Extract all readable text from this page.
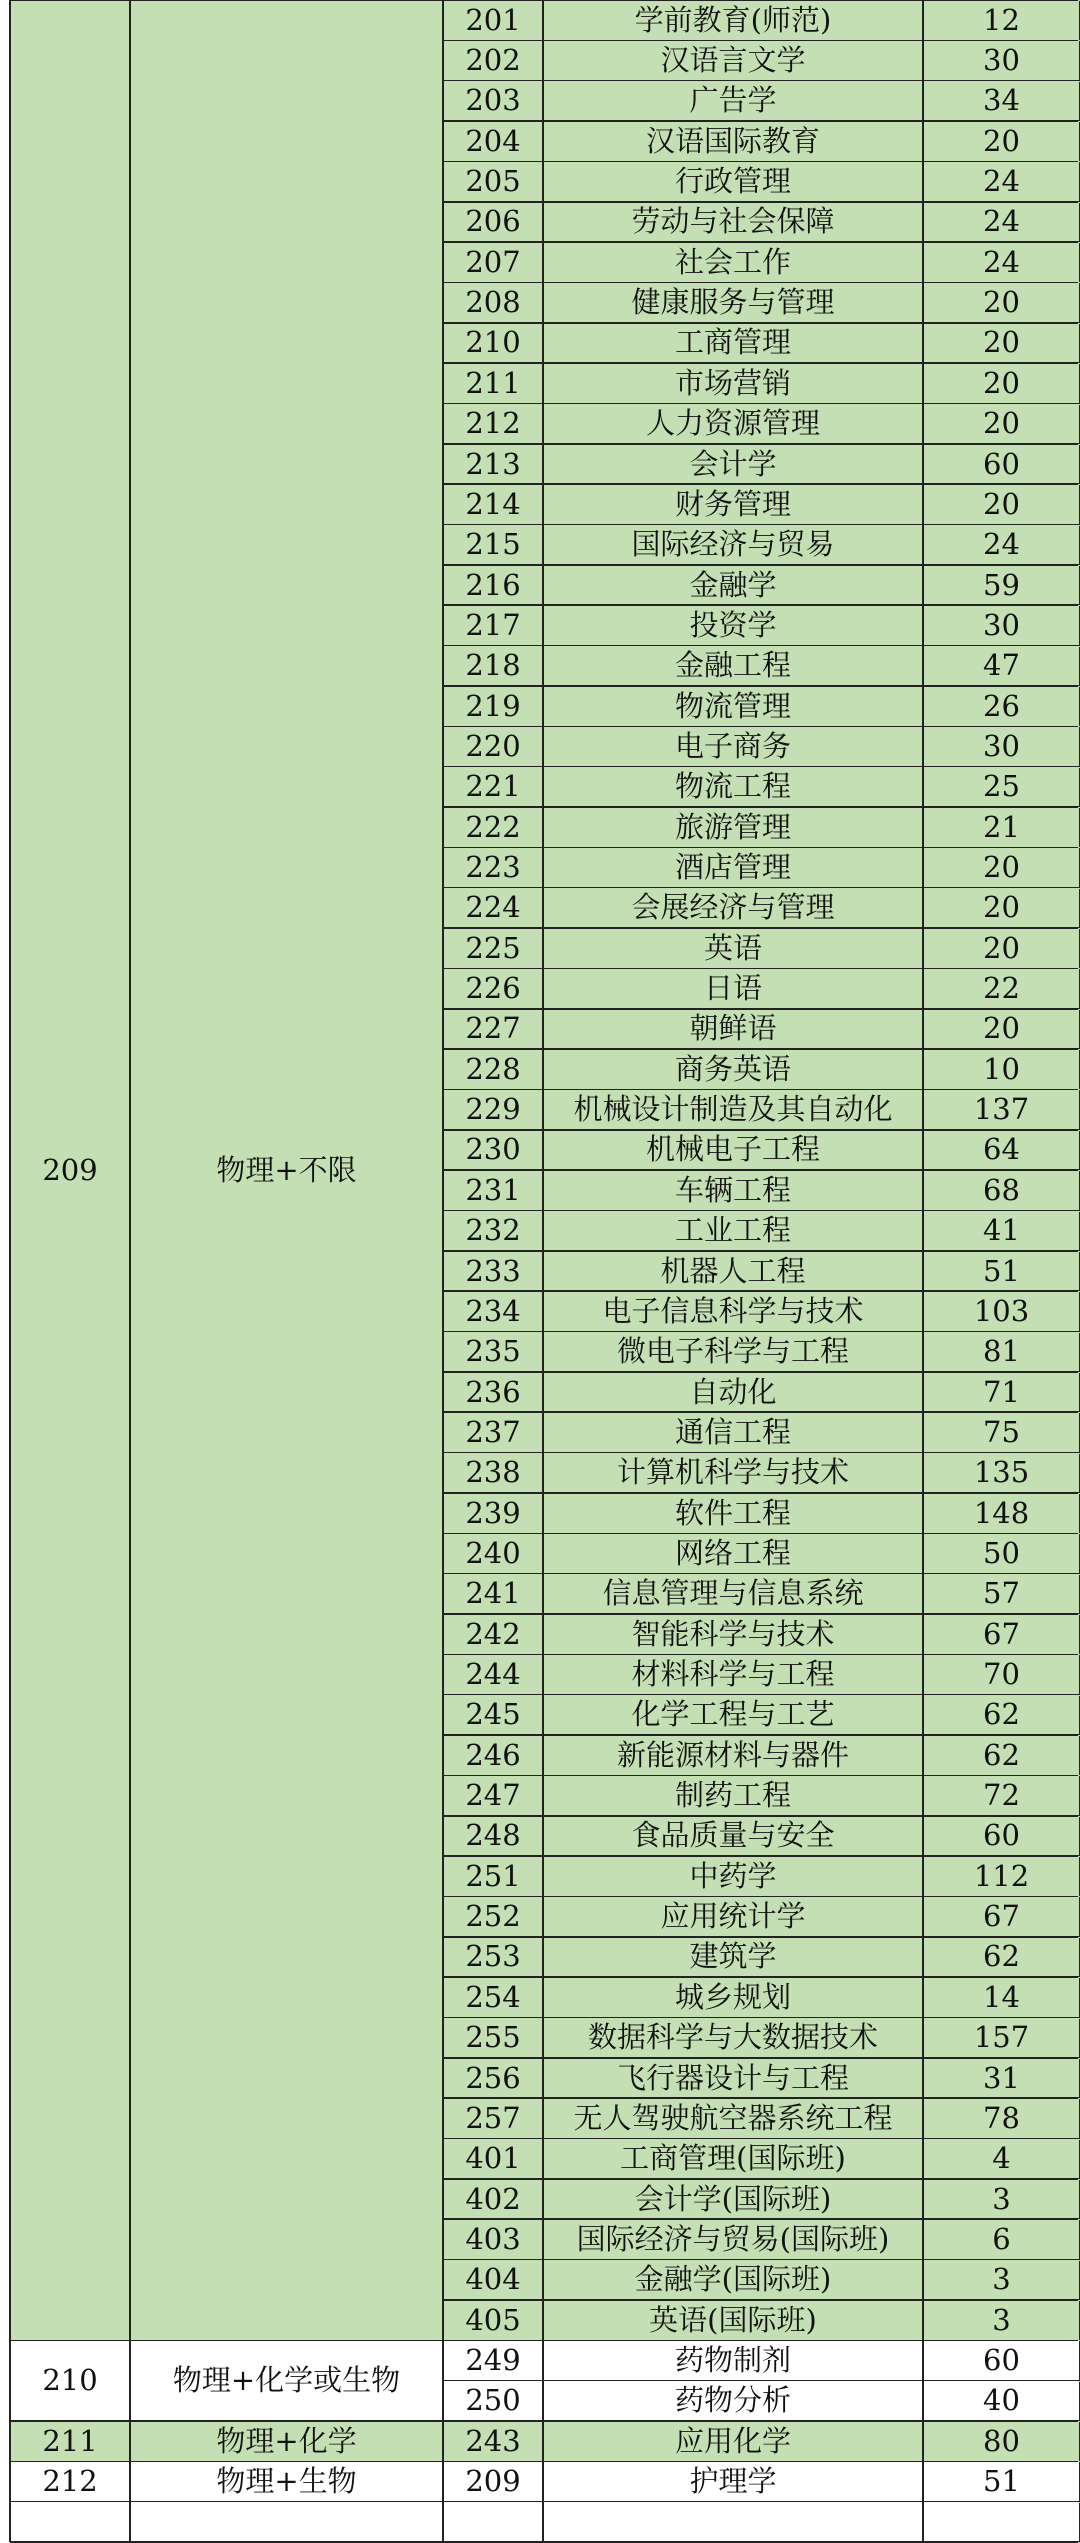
209	物理+不限
201	学前教育(师范)	12
202	汉语言文学	30
203	广告学	34
204	汉语国际教育	20
205	行政管理	24
206	劳动与社会保障	24
207	社会工作	24
208	健康服务与管理	20
210	工商管理	20
211	市场营销	20
212	人力资源管理	20
213	会计学	60
214	财务管理	20
215	国际经济与贸易	24
216	金融学	59
217	投资学	30
218	金融工程	47
219	物流管理	26
220	电子商务	30
221	物流工程	25
222	旅游管理	21
223	酒店管理	20
224	会展经济与管理	20
225	英语	20
226	日语	22
227	朝鲜语	20
228	商务英语	10
229	机械设计制造及其自动化	137
230	机械电子工程	64
231	车辆工程	68
232	工业工程	41
233	机器人工程	51
234	电子信息科学与技术	103
235	微电子科学与工程	81
236	自动化	71
237	通信工程	75
238	计算机科学与技术	135
239	软件工程	148
240	网络工程	50
241	信息管理与信息系统	57
242	智能科学与技术	67
244	材料科学与工程	70
245	化学工程与工艺	62
246	新能源材料与器件	62
247	制药工程	72
248	食品质量与安全	60
251	中药学	112
252	应用统计学	67
253	建筑学	62
254	城乡规划	14
255	数据科学与大数据技术	157
256	飞行器设计与工程	31
257	无人驾驶航空器系统工程	78
401	工商管理(国际班)	4
402	会计学(国际班)	3
403	国际经济与贸易(国际班)	6
404	金融学(国际班)	3
405	英语(国际班)	3
210	物理+化学或生物
249	药物制剂	60
250	药物分析	40
211	物理+化学	243	应用化学	80
212	物理+生物	209	护理学	51
